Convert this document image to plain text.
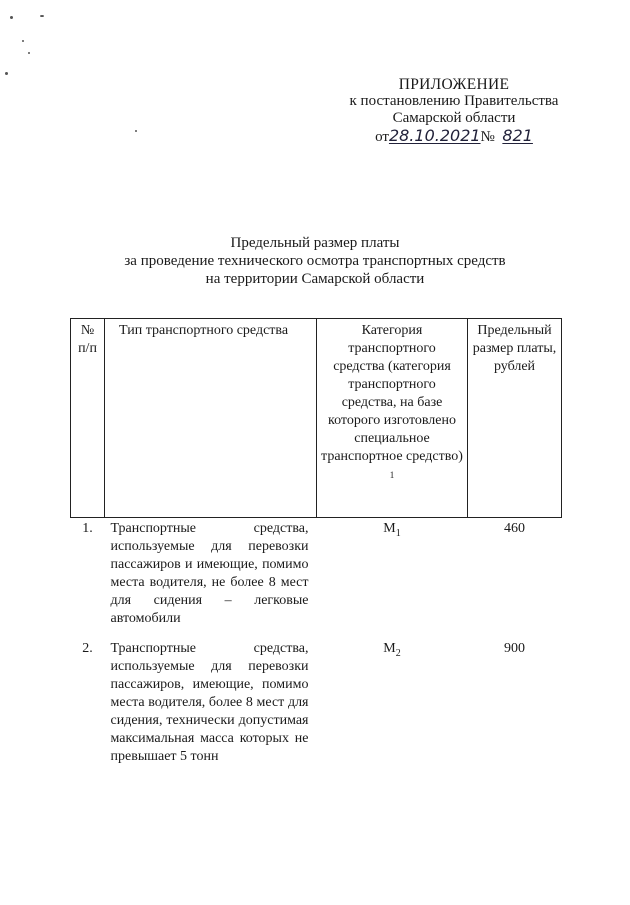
ПРИЛОЖЕНИЕ
к постановлению Правительства
Самарской области
от28.10.2021№ 821
Предельный размер платы
за проведение технического осмотра транспортных средств
на территории Самарской области
№ п/п	Тип транспортного средства	Категория транспортного средства (категория транспортного средства, на базе которого изготовлено специальное транспортное средство) $^1$	Предельный размер платы, рублей
1.	Транспортные средства, используемые для перевозки пассажиров и имеющие, помимо места водителя, не более 8 мест для сидения – легковые автомобили	$M_1$	460
2.	Транспортные средства, используемые для перевозки пассажиров, имеющие, помимо места водителя, более 8 мест для сидения, технически допустимая максимальная масса которых не превышает 5 тонн	$M_2$	900
